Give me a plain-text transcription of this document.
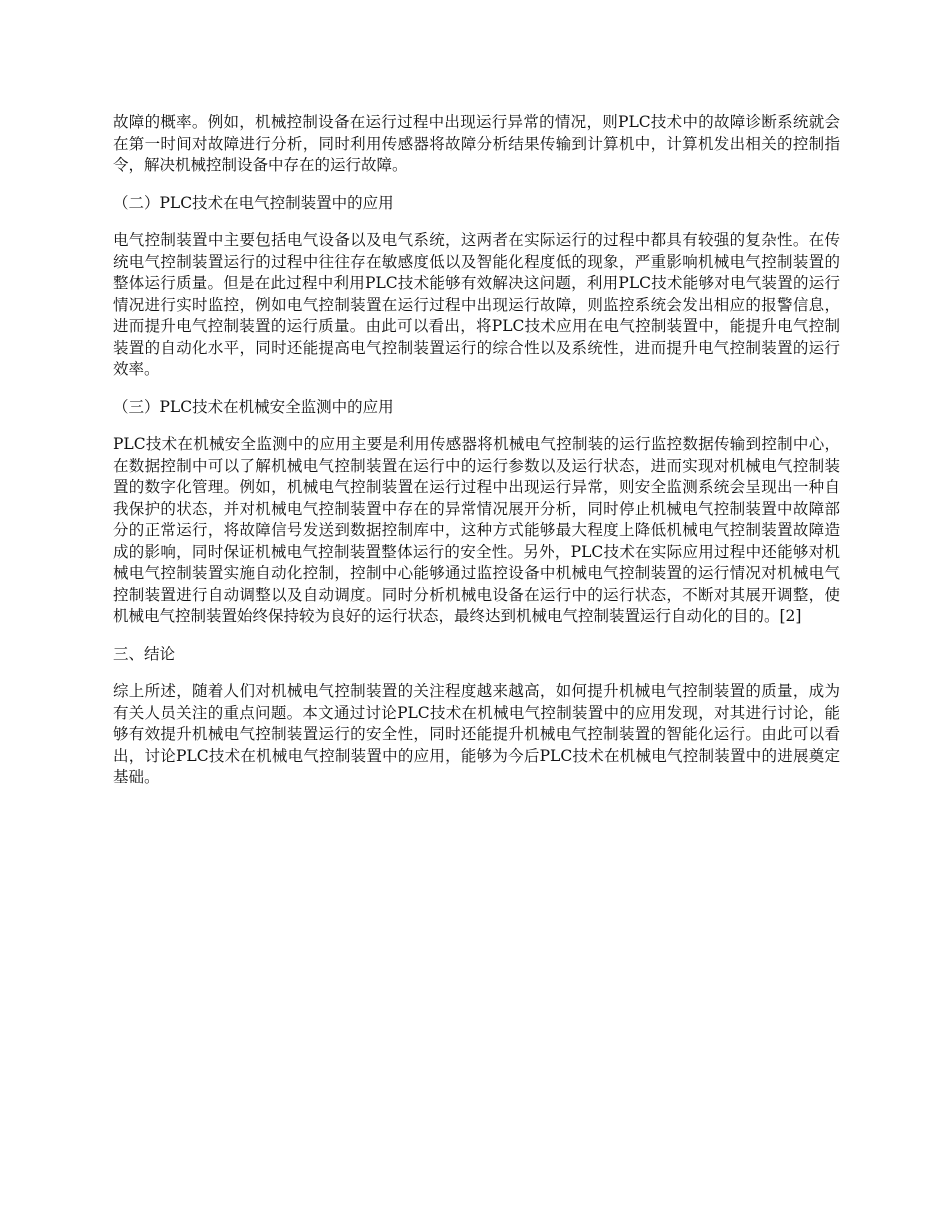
故障的概率。例如，机械控制设备在运行过程中出现运行异常的情况，则PLC技术中的故障诊断系统就会在第一时间对故障进行分析，同时利用传感器将故障分析结果传输到计算机中，计算机发出相关的控制指令，解决机械控制设备中存在的运行故障。

（二）PLC技术在电气控制装置中的应用

电气控制装置中主要包括电气设备以及电气系统，这两者在实际运行的过程中都具有较强的复杂性。在传统电气控制装置运行的过程中往往存在敏感度低以及智能化程度低的现象，严重影响机械电气控制装置的整体运行质量。但是在此过程中利用PLC技术能够有效解决这问题，利用PLC技术能够对电气装置的运行情况进行实时监控，例如电气控制装置在运行过程中出现运行故障，则监控系统会发出相应的报警信息，进而提升电气控制装置的运行质量。由此可以看出，将PLC技术应用在电气控制装置中，能提升电气控制装置的自动化水平，同时还能提高电气控制装置运行的综合性以及系统性，进而提升电气控制装置的运行效率。

（三）PLC技术在机械安全监测中的应用

PLC技术在机械安全监测中的应用主要是利用传感器将机械电气控制装的运行监控数据传输到控制中心，在数据控制中可以了解机械电气控制装置在运行中的运行参数以及运行状态，进而实现对机械电气控制装置的数字化管理。例如，机械电气控制装置在运行过程中出现运行异常，则安全监测系统会呈现出一种自我保护的状态，并对机械电气控制装置中存在的异常情况展开分析，同时停止机械电气控制装置中故障部分的正常运行，将故障信号发送到数据控制库中，这种方式能够最大程度上降低机械电气控制装置故障造成的影响，同时保证机械电气控制装置整体运行的安全性。另外，PLC技术在实际应用过程中还能够对机械电气控制装置实施自动化控制，控制中心能够通过监控设备中机械电气控制装置的运行情况对机械电气控制装置进行自动调整以及自动调度。同时分析机械电设备在运行中的运行状态，不断对其展开调整，使机械电气控制装置始终保持较为良好的运行状态，最终达到机械电气控制装置运行自动化的目的。[2]

三、结论

综上所述，随着人们对机械电气控制装置的关注程度越来越高，如何提升机械电气控制装置的质量，成为有关人员关注的重点问题。本文通过讨论PLC技术在机械电气控制装置中的应用发现，对其进行讨论，能够有效提升机械电气控制装置运行的安全性，同时还能提升机械电气控制装置的智能化运行。由此可以看出，讨论PLC技术在机械电气控制装置中的应用，能够为今后PLC技术在机械电气控制装置中的进展奠定基础。
